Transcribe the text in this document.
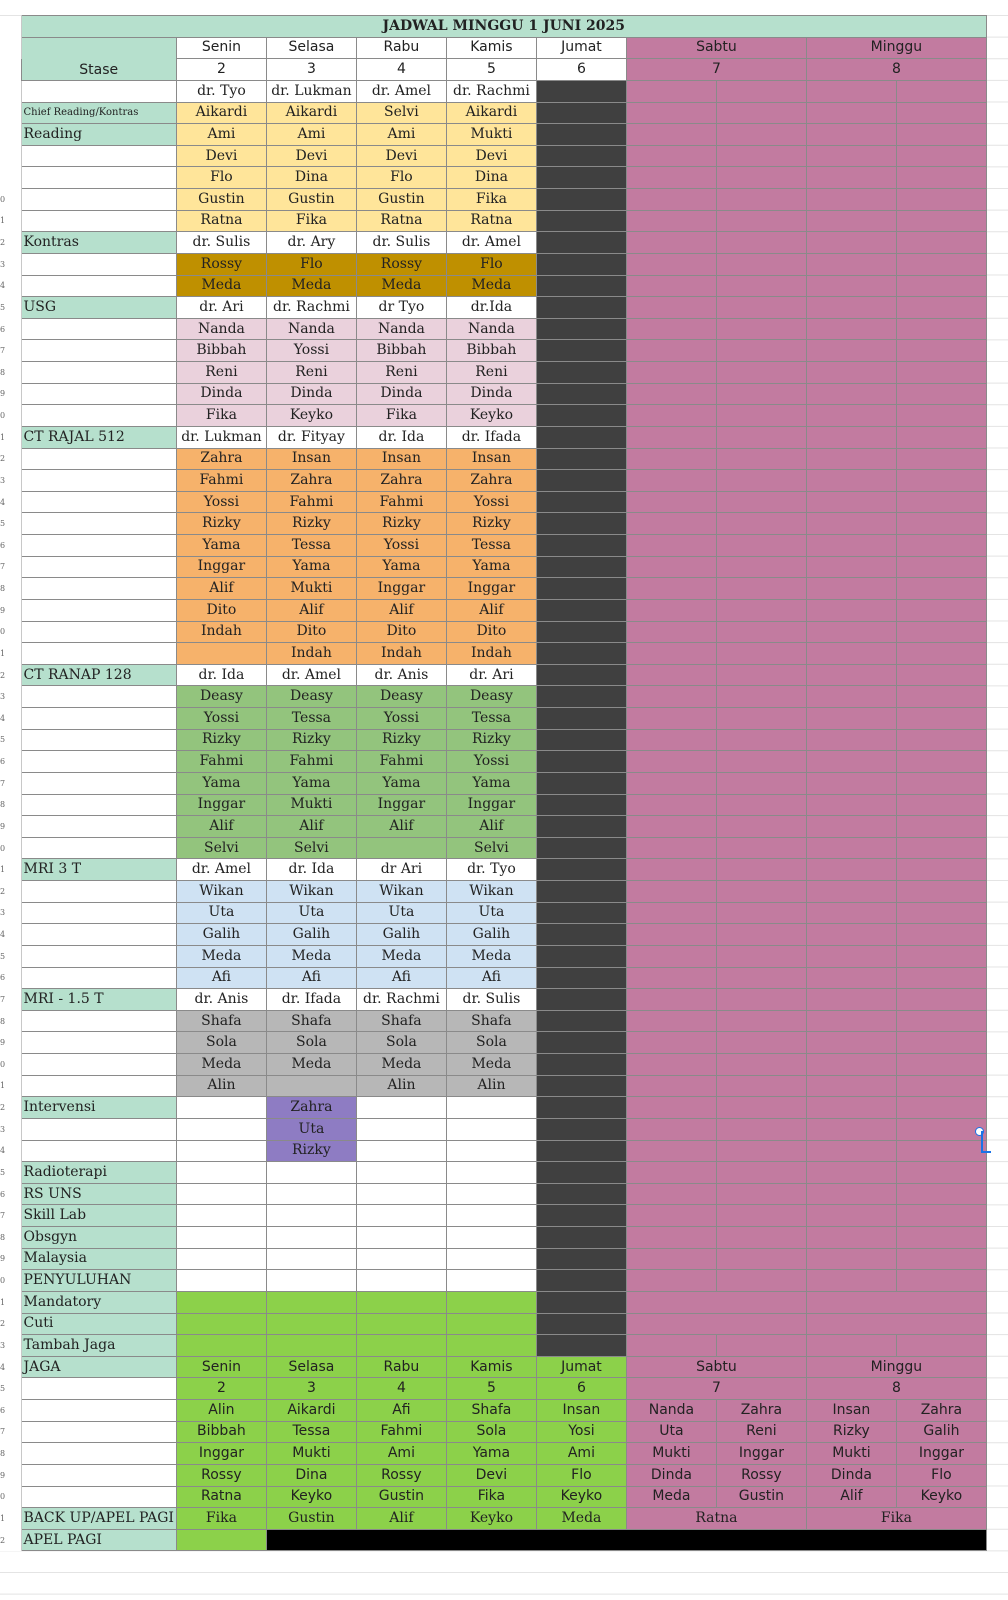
	JADWAL MINGGU 1 JUNI 2025									
	Stase	Senin	Selasa	Rabu	Kamis	Jumat	Sabtu		Minggu	
		2	3	4	5	6	7		8	
		dr. Tyo	dr. Lukman	dr. Amel	dr. Rachmi					
	Chief Reading/Kontras	Aikardi	Aikardi	Selvi	Aikardi					
	Reading	Ami	Ami	Ami	Mukti					
		Devi	Devi	Devi	Devi					
		Flo	Dina	Flo	Dina					
0		Gustin	Gustin	Gustin	Fika					
1		Ratna	Fika	Ratna	Ratna					
2	Kontras	dr. Sulis	dr. Ary	dr. Sulis	dr. Amel					
3		Rossy	Flo	Rossy	Flo					
4		Meda	Meda	Meda	Meda					
5	USG	dr. Ari	dr. Rachmi	dr Tyo	dr.Ida					
6		Nanda	Nanda	Nanda	Nanda					
7		Bibbah	Yossi	Bibbah	Bibbah					
8		Reni	Reni	Reni	Reni					
9		Dinda	Dinda	Dinda	Dinda					
0		Fika	Keyko	Fika	Keyko					
1	CT RAJAL 512	dr. Lukman	dr. Fityay	dr. Ida	dr. Ifada					
2		Zahra	Insan	Insan	Insan					
3		Fahmi	Zahra	Zahra	Zahra					
4		Yossi	Fahmi	Fahmi	Yossi					
5		Rizky	Rizky	Rizky	Rizky					
6		Yama	Tessa	Yossi	Tessa					
7		Inggar	Yama	Yama	Yama					
8		Alif	Mukti	Inggar	Inggar					
9		Dito	Alif	Alif	Alif					
0		Indah	Dito	Dito	Dito					
1			Indah	Indah	Indah					
2	CT RANAP 128	dr. Ida	dr. Amel	dr. Anis	dr. Ari					
3		Deasy	Deasy	Deasy	Deasy					
4		Yossi	Tessa	Yossi	Tessa					
5		Rizky	Rizky	Rizky	Rizky					
6		Fahmi	Fahmi	Fahmi	Yossi					
7		Yama	Yama	Yama	Yama					
8		Inggar	Mukti	Inggar	Inggar					
9		Alif	Alif	Alif	Alif					
0		Selvi	Selvi		Selvi					
1	MRI 3 T	dr. Amel	dr. Ida	dr Ari	dr. Tyo					
2		Wikan	Wikan	Wikan	Wikan					
3		Uta	Uta	Uta	Uta					
4		Galih	Galih	Galih	Galih					
5		Meda	Meda	Meda	Meda					
6		Afi	Afi	Afi	Afi					
7	MRI - 1.5 T	dr. Anis	dr. Ifada	dr. Rachmi	dr. Sulis					
8		Shafa	Shafa	Shafa	Shafa					
9		Sola	Sola	Sola	Sola					
0		Meda	Meda	Meda	Meda					
1		Alin		Alin	Alin					
2	Intervensi		Zahra							
3			Uta							
4			Rizky							
5	Radioterapi									
6	RS UNS									
7	Skill Lab									
8	Obsgyn									
9	Malaysia									
0	PENYULUHAN									
1	Mandatory									
2	Cuti									
3	Tambah Jaga									
4	JAGA	Senin	Selasa	Rabu	Kamis	Jumat	Sabtu		Minggu	
5		2	3	4	5	6	7		8	
6		Alin	Aikardi	Afi	Shafa	Insan	Nanda	Zahra	Insan	Zahra
7		Bibbah	Tessa	Fahmi	Sola	Yosi	Uta	Reni	Rizky	Galih
8		Inggar	Mukti	Ami	Yama	Ami	Mukti	Inggar	Mukti	Inggar
9		Rossy	Dina	Rossy	Devi	Flo	Dinda	Rossy	Dinda	Flo
0		Ratna	Keyko	Gustin	Fika	Keyko	Meda	Gustin	Alif	Keyko
1	BACK UP/APEL PAGI	Fika	Gustin	Alif	Keyko	Meda	Ratna		Fika	
2	APEL PAGI									
